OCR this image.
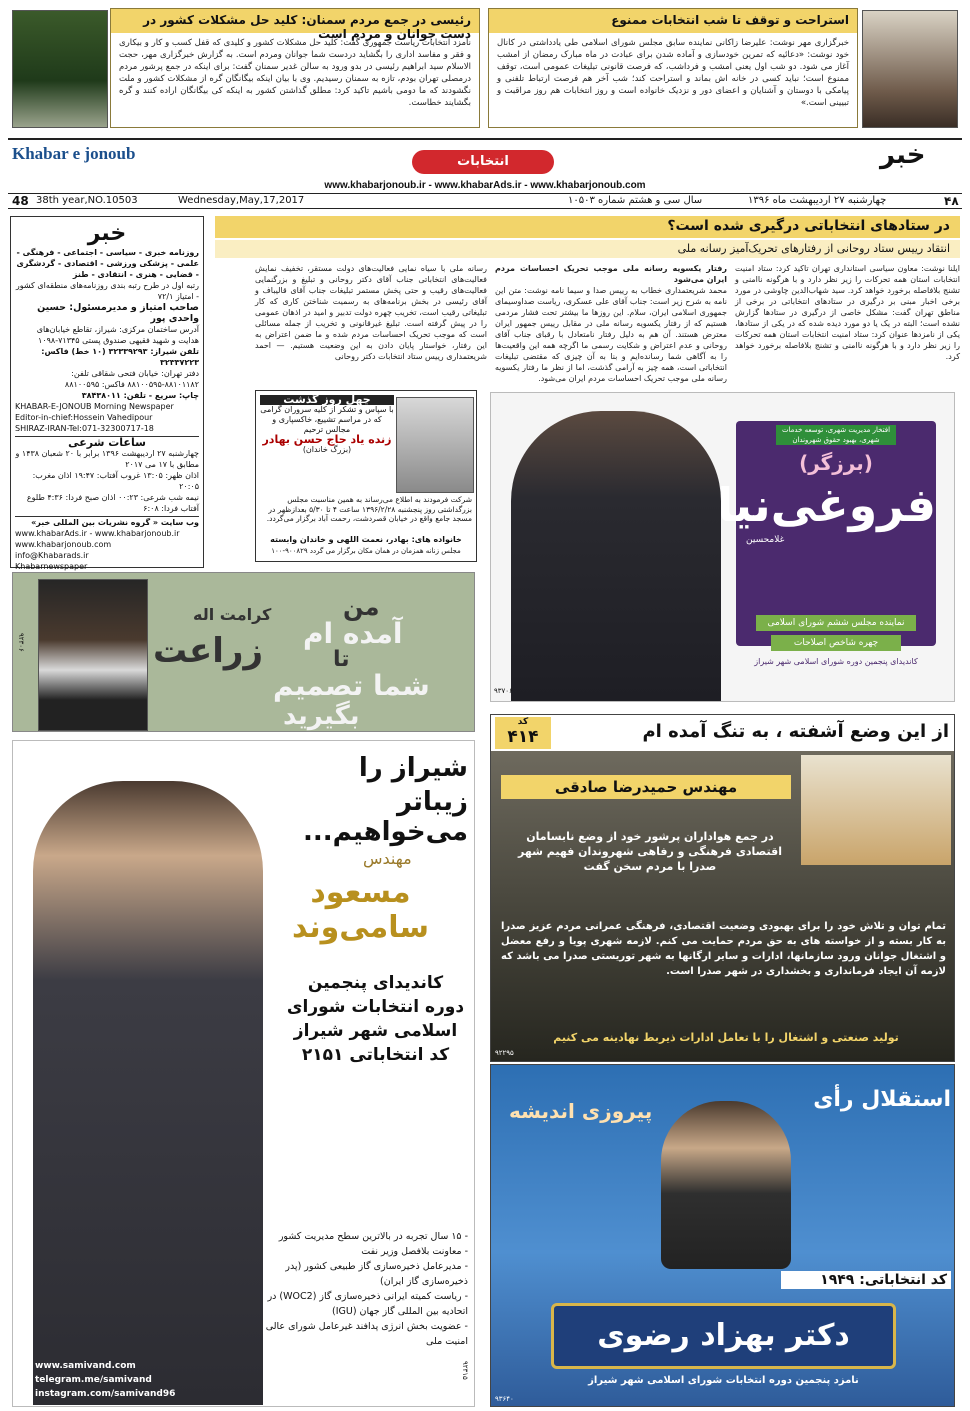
رئیسی در جمع مردم سمنان: کلید حل مشکلات کشور در دست جوانان و مردم است
نامزد انتخابات ریاست جمهوری گفت: کلید حل مشکلات کشور و کلیدی که قفل کسب و کار و بیکاری و فقر و مفاسد اداری را بگشاید دردست شما جوانان ومردم است. به گزارش خبرگزاری مهر، حجت الاسلام سید ابراهیم رئیسی در بدو ورود به سالن غدیر سمنان گفت: برای اینکه در جمع پرشور مردم درمصلی تهران بودم، تازه به سمنان رسیدیم. وی با بیان اینکه بیگانگان گره از مشکلات کشور و ملت نگشودند که ما دومی باشیم تاکید کرد: مطلق گذاشتن کشور به اینکه کی بیگانگان اراده کنند و گره بگشایند خطاست.
استراحت و توقف تا شب انتخابات ممنوع
خبرگزاری مهر نوشت: علیرضا زاکانی نماینده سابق مجلس شورای اسلامی طی یادداشتی در کانال خود نوشت: «دعائیه که تمرین خودسازی و آماده شدن برای عبادت در ماه مبارک رمضان از امشب آغاز می شود. دو شب اول یعنی امشب و فرداشب، که فرصت قانونی تبلیغات عمومی است، توقف ممنوع است؛ نباید کسی در خانه اش بماند و استراحت کند؛ شب آخر هم فرصت ارتباط تلفنی و پیامکی با دوستان و آشنایان و اعضای دور و نزدیک خانواده است و روز انتخابات هم روز مراقبت و تبیینی است.»
Khabar e jonoub	خبر
انتخابات
www.khabarjonoub.ir - www.khabarAds.ir - www.khabarjonoub.com
48 38th year,NO.10503	Wednesday,May,17,2017	سال سی و هشتم شماره ۱۰۵۰۳	چهارشنبه ۲۷ اردیبهشت ماه ۱۳۹۶	۴۸
خبر
روزنامه خبری - سیاسی - اجتماعی - فرهنگی - علمی - پزشکی ورزشی - اقتصادی - گردشگری - قضایی - هنری - انتقادی - طنز
رتبه اول در طرح رتبه بندی روزنامه‌های منطقه‌ای کشور - امتیاز ۷۲/۱
صاحب امتیاز و مدیرمسئول: حسین واحدی پور
آدرس ساختمان مرکزی: شیراز، تقاطع خیابان‌های هدایت و شهید فقیهی صندوق پستی ۷۱۳۴۵-۱۰۹۸
تلفن شیراز: ۳۲۳۳۹۲۹۳ (۱۰ خط) فاکس: ۳۲۳۳۷۲۲۳
دفتر تهران: خیابان فتحی شقاقی تلفن: ۸۸۱۰۱۱۸۲-۸۸۱۰۰۵۹۵ فاکس: ۸۸۱۰۰۵۹۵
چاپ: سریع - تلفن: ۳۸۴۳۸۰۱۱
KHABAR-E-JONOUB Morning Newspaper
Editor-in-chief:Hossein Vahedipour
SHIRAZ-IRAN-Tel:071-32300717-18
ساعات شرعی
چهارشنبه ۲۷ اردیبهشت ۱۳۹۶ برابر با ۲۰ شعبان ۱۴۳۸ و مطابق با ۱۷ می ۲۰۱۷
اذان ظهر: ۱۳:۰۵ غروب آفتاب: ۱۹:۴۷ اذان مغرب: ۲۰:۰۵
نیمه شب شرعی: ۰۰:۲۳ اذان صبح فردا: ۴:۳۶ طلوع آفتاب فردا: ۶:۰۸
وب سایت « گروه نشریات بین المللی خبر»
www.khabarAds.ir - www.khabarjonoub.ir
www.khabarjonoub.com
info@Khabarads.ir
Khabarnewspaper
در ستادهای انتخاباتی درگیری شده است؟
انتقاد رییس ستاد روحانی از رفتارهای تحریک‌آمیز رسانه ملی
ایلنا نوشت: معاون سیاسی استانداری تهران تاکید کرد: ستاد امنیت انتخابات استان همه تحرکات را زیر نظر دارد و با هرگونه ناامنی و تشنج بلافاصله برخورد خواهد کرد. سید شهاب‌الدین چاوشی در مورد برخی اخبار مبنی بر درگیری در ستادهای انتخاباتی در برخی از مناطق تهران گفت: مشکل خاصی از درگیری در ستادها گزارش نشده است؛ البته در یک یا دو مورد دیده شده که در یکی از ستادها، یکی از نامزدها عنوان کرد: ستاد امنیت انتخابات استان همه تحرکات را زیر نظر دارد و با هرگونه ناامنی و تشنج بلافاصله برخورد خواهد کرد.
رفتار یکسویه رسانه ملی موجب تحریک احساسات مردم ایران می‌شود
محمد شریعتمداری خطاب به رییس صدا و سیما نامه نوشت: متن این نامه به شرح زیر است: جناب آقای علی عسکری، ریاست صداوسیمای جمهوری اسلامی ایران، سلام. این روزها ما بیشتر تحت فشار مردمی هستیم که از رفتار یکسویه رسانه ملی در مقابل رییس جمهور ایران معترض هستند. آن هم به دلیل رفتار نامتعادل با رقبای جناب آقای روحانی و عدم اعتراض و شکایت رسمی ما اگرچه همه این واقعیت‌ها را به آگاهی شما رسانده‌ایم و بنا به آن چیزی که مقتضی تبلیغات انتخاباتی است، همه چیز به آرامی گذشت، اما از نظر ما رفتار یکسویه رسانه ملی موجب تحریک احساسات مردم ایران می‌شود.
رسانه ملی با سیاه نمایی فعالیت‌های دولت مستقر، تخفیف نمایش فعالیت‌های انتخاباتی جناب آقای دکتر روحانی و تبلیغ و بزرگنمایی فعالیت‌های رقیب و حتی پخش مستمر تبلیغات جناب آقای قالیباف و آقای رئیسی در بخش برنامه‌های به رسمیت شناختن کاری که کار تبلیغاتی رقیب است، تخریب چهره دولت تدبیر و امید در اذهان عمومی را در پیش گرفته است. تبلیغ غیرقانونی و تخریب از جمله مسائلی است که موجب تحریک احساسات مردم شده و ما ضمن اعتراض به این رفتار، خواستار پایان دادن به این وضعیت هستیم. — احمد شریعتمداری رییس ستاد انتخابات دکتر روحانی
چهل روز گذشت
با سپاس و تشکر از کلیه سروران گرامی که در مراسم تشییع، خاکسپاری و مجالس ترحیم
زنده یاد حاج حسن بهادر
(بزرگ خاندان)
شرکت فرمودند به اطلاع می‌رساند به همین مناسبت مجلس بزرگداشتی روز پنجشنبه ۱۳۹۶/۲/۲۸ ساعت ۴ تا ۵/۳۰ بعدازظهر در مسجد جامع واقع در خیابان قصردشت، رحمت آباد برگزار می‌گردد.
خانواده های: بهادر، نعمت اللهی و خاندان وابسته
مجلس زنانه همزمان در همان مکان برگزار می گردد ۹۰۰۸۲۹-۱۰۰
افتخار مدیریت شهری، توسعه خدمات شهری، بهبود حقوق شهروندان
(برزگر)
فروغی‌نیا
غلامحسین
نماینده مجلس ششم شورای اسلامی
چهره شاخص اصلاحات
کاندیدای پنجمین دوره شورای اسلامی شهر شیراز
۹۳۷۰۶
من
آمده ام
تا
شما تصمیم
بگیرید
کرامت اله
زراعت
۹۲۳۰۶
از این وضع آشفته ، به تنگ آمده ام
کد
۴۱۴
مهندس حمیدرضا صادقی
در جمع هواداران پرشور خود از وضع نابسامان اقتصادی فرهنگی و رفاهی شهروندان فهیم شهر صدرا با مردم سخن گفت
تمام توان و تلاش خود را برای بهبودی وضعیت اقتصادی، فرهنگی عمرانی مردم عزیز صدرا به کار بسته و از خواسته های به حق مردم حمایت می کنم. لازمه شهری پویا و رفع معضل و اشتغال جوانان ورود سازمانها، ادارات و سایر ارگانها به شهر توریستی صدرا می باشد که لازمه آن ایجاد فرمانداری و بخشداری در شهر صدرا است.
تولید صنعتی و اشتغال را با تعامل ادارات ذیربط نهادینه می کنیم
۹۲۲۹۵
شیراز را
زیباتر می‌خواهیم...
مهندس
مسعود سامی‌وند
کاندیدای پنجمین
دوره انتخابات شورای
اسلامی شهر شیراز
کد انتخاباتی ۲۱۵۱
- ۱۵ سال تجربه در بالاترین سطح مدیریت کشور
- معاونت بلافصل وزیر نفت
- مدیرعامل ذخیره‌سازی گاز طبیعی کشور (پدر ذخیره‌سازی گاز ایران)
- ریاست کمیته ایرانی ذخیره‌سازی گاز (WOC2) در اتحادیه بین المللی گاز جهان (IGU)
- عضویت بخش انرژی پدافند غیرعامل شورای عالی امنیت ملی
www.samivand.com
telegram.me/samivand
instagram.com/samivand96
۹۲۳۱۵
استقلال رأی
پیروزی اندیشه
کد انتخاباتی: ۱۹۴۹
دکتر بهزاد رضوی
نامزد پنجمین دوره انتخابات شورای اسلامی شهر شیراز
۹۳۶۴۰
